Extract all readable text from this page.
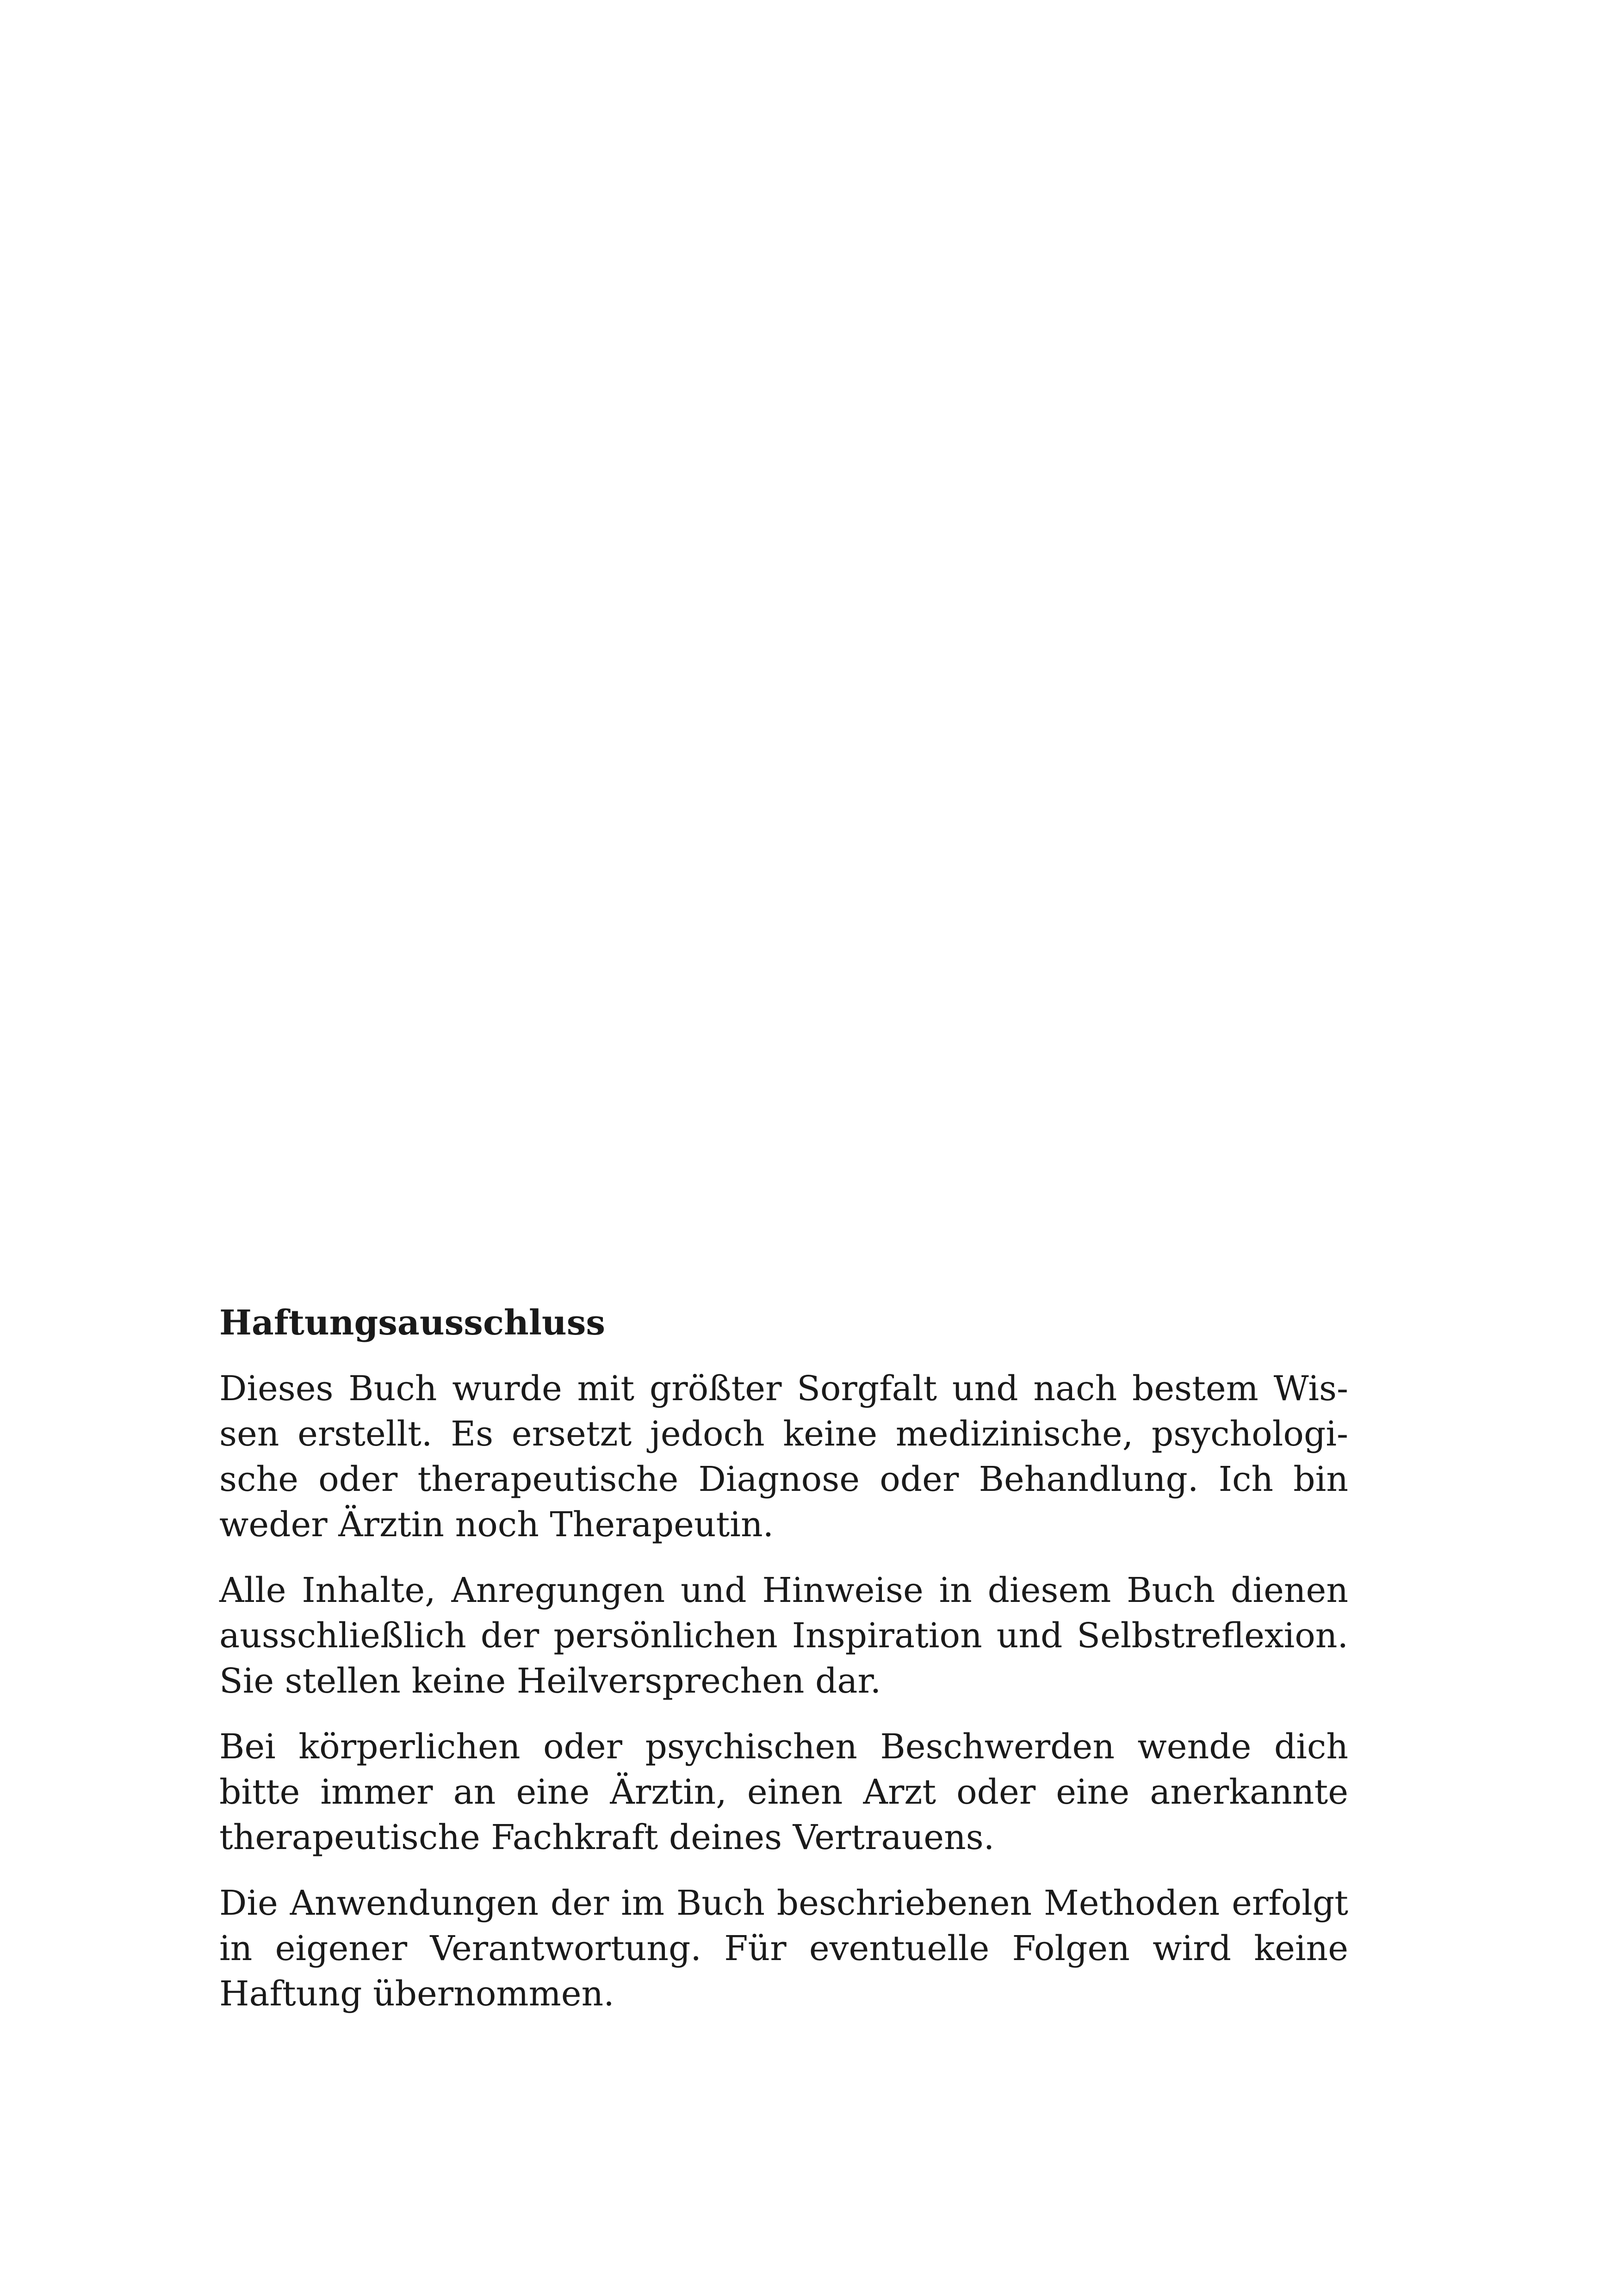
Haftungsausschluss
Dieses Buch wurde mit größter Sorgfalt und nach bestem Wis-
sen erstellt. Es ersetzt jedoch keine medizinische, psychologi-
sche oder therapeutische Diagnose oder Behandlung. Ich bin
weder Ärztin noch Therapeutin.
Alle Inhalte, Anregungen und Hinweise in diesem Buch dienen
ausschließlich der persönlichen Inspiration und Selbstreflexion.
Sie stellen keine Heilversprechen dar.
Bei körperlichen oder psychischen Beschwerden wende dich
bitte immer an eine Ärztin, einen Arzt oder eine anerkannte
therapeutische Fachkraft deines Vertrauens.
Die Anwendungen der im Buch beschriebenen Methoden erfolgt
in eigener Verantwortung. Für eventuelle Folgen wird keine
Haftung übernommen.
